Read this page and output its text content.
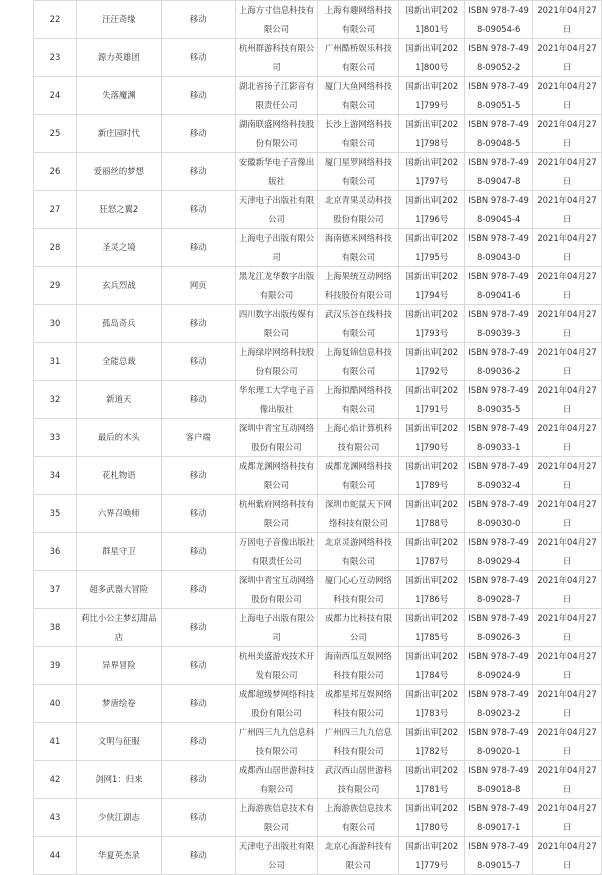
22	汪汪奇缘	移动	上海方寸信息科技有限公司	上海有趣网络科技有限公司	国新出审[2021]801号	ISBN 978-7-498-09054-6	2021年04月27日

23	源力英雄团	移动	杭州群游科技有限公司	广州酷桥娱乐科技有限公司	国新出审[2021]800号	ISBN 978-7-498-09052-2	2021年04月27日

24	失落魔渊	移动	湖北省扬子江影音有限责任公司	厦门大鱼网络科技有限公司	国新出审[2021]799号	ISBN 978-7-498-09051-5	2021年04月27日

25	新庄园时代	移动	湖南联盛网络科技股份有限公司	长沙上游网络科技有限公司	国新出审[2021]798号	ISBN 978-7-498-09048-5	2021年04月27日

26	爱丽丝的梦想	移动	安徽新华电子音像出版社	厦门星罗网络科技有限公司	国新出审[2021]797号	ISBN 978-7-498-09047-8	2021年04月27日

27	狂怒之翼2	移动	天津电子出版社有限公司	北京青果灵动科技股份有限公司	国新出审[2021]796号	ISBN 978-7-498-09045-4	2021年04月27日

28	圣灵之境	移动	上海电子出版有限公司	海南德米网络科技有限公司	国新出审[2021]795号	ISBN 978-7-498-09043-0	2021年04月27日

29	玄兵烈战	网页	黑龙江龙华数字出版有限公司	上海果统互动网络科技股份有限公司	国新出审[2021]794号	ISBN 978-7-498-09041-6	2021年04月27日

30	孤岛奇兵	移动	四川数字出版传媒有限公司	武汉乐谷在线科技有限公司	国新出审[2021]793号	ISBN 978-7-498-09039-3	2021年04月27日

31	全能总裁	移动	上海绿岸网络科技股份有限公司	上海复锦信息科技有限公司	国新出审[2021]792号	ISBN 978-7-498-09036-2	2021年04月27日

32	新道天	移动	华东理工大学电子音像出版社	上海拟酷网络科技有限公司	国新出审[2021]791号	ISBN 978-7-498-09035-5	2021年04月27日

33	最后的木头	客户端	深圳中青宝互动网络股份有限公司	上海心焰计算机科技有限公司	国新出审[2021]790号	ISBN 978-7-498-09033-1	2021年04月27日

34	花札物语	移动	成都龙渊网络科技有限公司	成都龙渊网络科技有限公司	国新出审[2021]789号	ISBN 978-7-498-09032-4	2021年04月27日

35	六界召唤师	移动	杭州紫府网络科技有限公司	深圳市蛇鼠天下网络科技有限公司	国新出审[2021]788号	ISBN 978-7-498-09030-0	2021年04月27日

36	群星守卫	移动	万固电子音像出版社有限责任公司	北京灵游网络科技有限公司	国新出审[2021]787号	ISBN 978-7-498-09029-4	2021年04月27日

37	超多武器大冒险	移动	深圳中青宝互动网络股份有限公司	厦门心心互动网络科技有限公司	国新出审[2021]786号	ISBN 978-7-498-09028-7	2021年04月27日

38	莉比小公主梦幻甜品店	移动	上海电子出版有限公司	成都力比科技有限公司	国新出审[2021]785号	ISBN 978-7-498-09026-3	2021年04月27日

39	异界冒险	移动	杭州美盛游戏技术开发有限公司	海南西瓜互娱网络科技有限公司	国新出审[2021]784号	ISBN 978-7-498-09024-9	2021年04月27日

40	梦唐绘卷	移动	成都超级梦网络科技股份有限公司	成都星邦互娱网络科技有限公司	国新出审[2021]783号	ISBN 978-7-498-09023-2	2021年04月27日

41	文明与征服	移动	广州四三九九信息科技有限公司	广州四三九九信息科技有限公司	国新出审[2021]782号	ISBN 978-7-498-09020-1	2021年04月27日

42	剑网1：归来	移动	成都西山居世游科技有限公司	武汉西山居世游科技有限公司	国新出审[2021]781号	ISBN 978-7-498-09018-8	2021年04月27日

43	少侠江湖志	移动	上海游族信息技术有限公司	上海游族信息技术有限公司	国新出审[2021]780号	ISBN 978-7-498-09017-1	2021年04月27日

44	华夏英杰录	移动	天津电子出版社有限公司	北京心海游科技有限公司	国新出审[2021]779号	ISBN 978-7-498-09015-7	2021年04月27日
